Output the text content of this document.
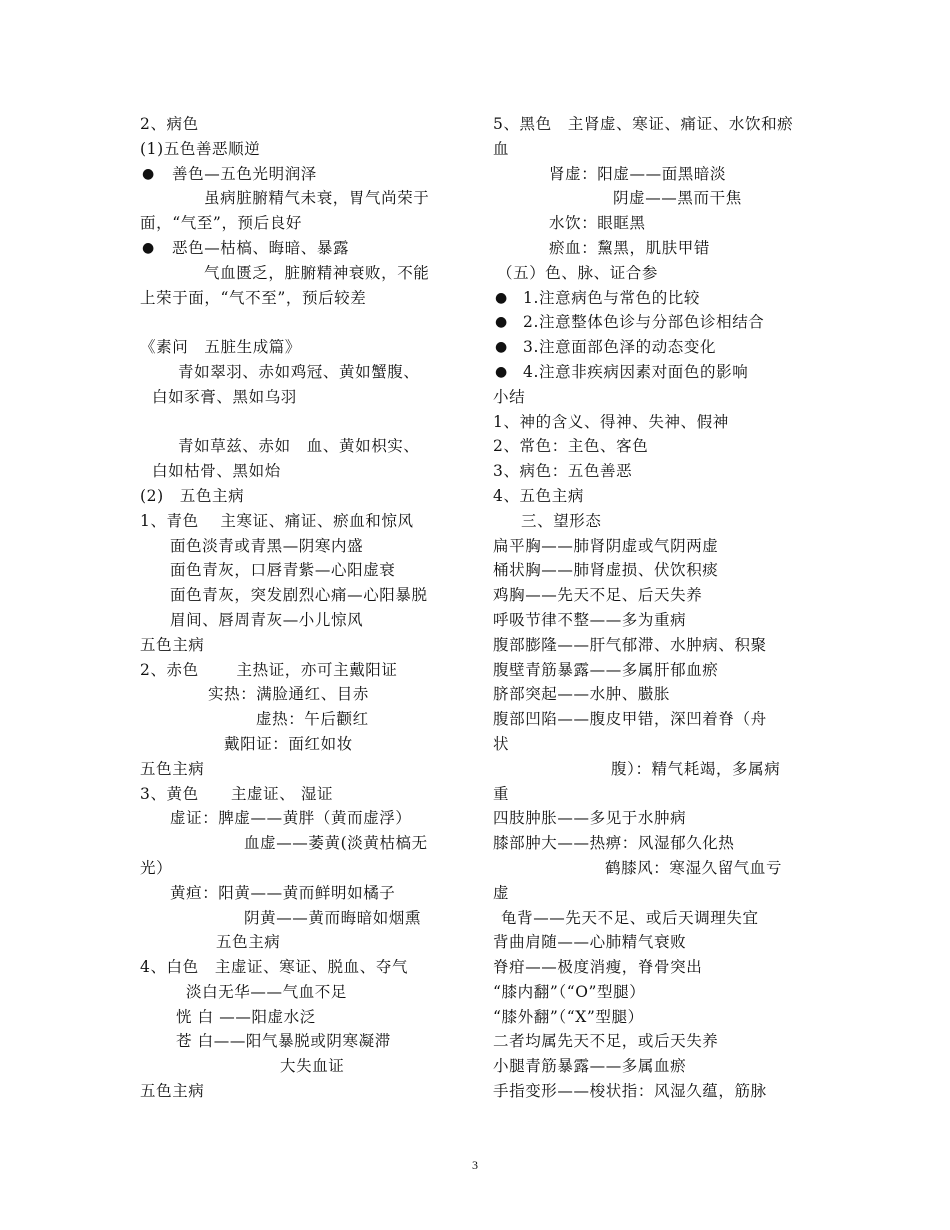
2、病色
(1)五色善恶顺逆
● 善色—五色光明润泽
虽病脏腑精气未衰，胃气尚荣于
面，“气至”，预后良好
● 恶色—枯槁、晦暗、暴露
气血匮乏，脏腑精神衰败，不能
上荣于面，“气不至”，预后较差
《素问　五脏生成篇》
青如翠羽、赤如鸡冠、黄如蟹腹、
白如豕膏、黑如乌羽
青如草兹、赤如　血、黄如枳实、
白如枯骨、黑如炲
(2)　五色主病
1、青色　 主寒证、痛证、瘀血和惊风
面色淡青或青黑—阴寒内盛
面色青灰，口唇青紫—心阳虚衰
面色青灰，突发剧烈心痛—心阳暴脱
眉间、唇周青灰—小儿惊风
五色主病
2、赤色　　 主热证，亦可主戴阳证
实热：满脸通红、目赤
虚热：午后颧红
戴阳证：面红如妆
五色主病
3、黄色　　主虚证、 湿证
虚证：脾虚——黄胖（黄而虚浮）
血虚——萎黄(淡黄枯槁无
光）
黄疸：阳黄——黄而鲜明如橘子
阴黄——黄而晦暗如烟熏
五色主病
4、白色　主虚证、寒证、脱血、夺气
淡白无华——气血不足
恍 白 ——阳虚水泛
苍 白——阳气暴脱或阴寒凝滞
大失血证
五色主病
5、黑色　主肾虚、寒证、痛证、水饮和瘀
血
肾虚：阳虚——面黑暗淡
阴虚——黑而干焦
水饮：眼眶黑
瘀血：黧黑，肌肤甲错
（五）色、脉、证合参
● 1.注意病色与常色的比较
● 2.注意整体色诊与分部色诊相结合
● 3.注意面部色泽的动态变化
● 4.注意非疾病因素对面色的影响
小结
1、神的含义、得神、失神、假神
2、常色：主色、客色
3、病色：五色善恶
4、五色主病
三、望形态
扁平胸——肺肾阴虚或气阴两虚
桶状胸——肺肾虚损、伏饮积痰
鸡胸——先天不足、后天失养
呼吸节律不整——多为重病
腹部膨隆——肝气郁滞、水肿病、积聚
腹壁青筋暴露——多属肝郁血瘀
脐部突起——水肿、臌胀
腹部凹陷——腹皮甲错，深凹着脊（舟
状
腹）：精气耗竭，多属病
重
四肢肿胀——多见于水肿病
膝部肿大——热痹：风湿郁久化热
鹤膝风：寒湿久留气血亏
虚
龟背——先天不足、或后天调理失宜
背曲肩随——心肺精气衰败
脊疳——极度消瘦，脊骨突出
“膝内翻”（“O”型腿）
“膝外翻”（“X”型腿）
二者均属先天不足，或后天失养
小腿青筋暴露——多属血瘀
手指变形——梭状指：风湿久蕴，筋脉
3
